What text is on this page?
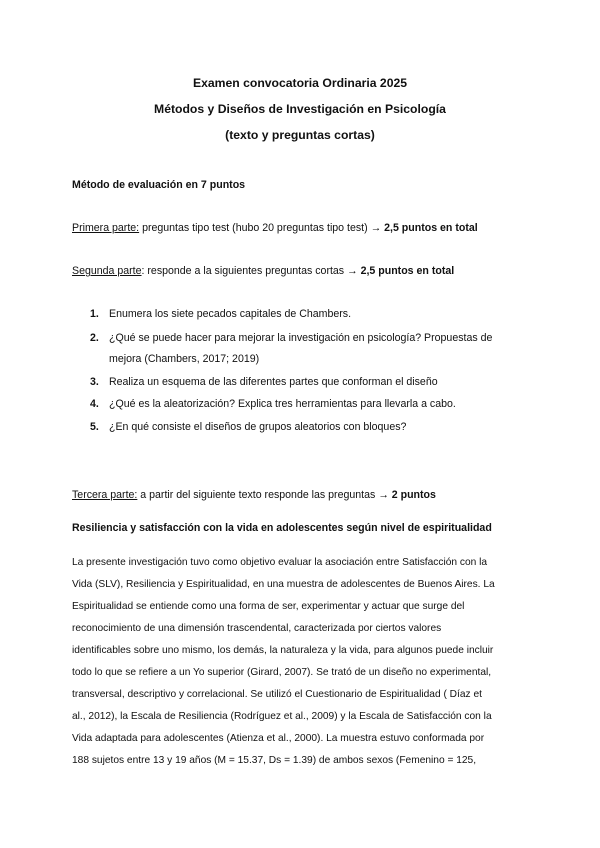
Examen convocatoria Ordinaria 2025
Métodos y Diseños de Investigación en Psicología
(texto y preguntas cortas)
Método de evaluación en 7 puntos
Primera parte: preguntas tipo test (hubo 20 preguntas tipo test) → 2,5 puntos en total
Segunda parte: responde a la siguientes preguntas cortas → 2,5 puntos en total
1. Enumera los siete pecados capitales de Chambers.
2. ¿Qué se puede hacer para mejorar la investigación en psicología? Propuestas de
mejora (Chambers, 2017; 2019)
3. Realiza un esquema de las diferentes partes que conforman el diseño
4. ¿Qué es la aleatorización? Explica tres herramientas para llevarla a cabo.
5. ¿En qué consiste el diseños de grupos aleatorios con bloques?
Tercera parte: a partir del siguiente texto responde las preguntas → 2 puntos
Resiliencia y satisfacción con la vida en adolescentes según nivel de espiritualidad
La presente investigación tuvo como objetivo evaluar la asociación entre Satisfacción con la
Vida (SLV), Resiliencia y Espiritualidad, en una muestra de adolescentes de Buenos Aires. La
Espiritualidad se entiende como una forma de ser, experimentar y actuar que surge del
reconocimiento de una dimensión trascendental, caracterizada por ciertos valores
identificables sobre uno mismo, los demás, la naturaleza y la vida, para algunos puede incluir
todo lo que se refiere a un Yo superior (Girard, 2007). Se trató de un diseño no experimental,
transversal, descriptivo y correlacional. Se utilizó el Cuestionario de Espiritualidad ( Díaz et
al., 2012), la Escala de Resiliencia (Rodríguez et al., 2009) y la Escala de Satisfacción con la
Vida adaptada para adolescentes (Atienza et al., 2000). La muestra estuvo conformada por
188 sujetos entre 13 y 19 años (M = 15.37, Ds = 1.39) de ambos sexos (Femenino = 125,
